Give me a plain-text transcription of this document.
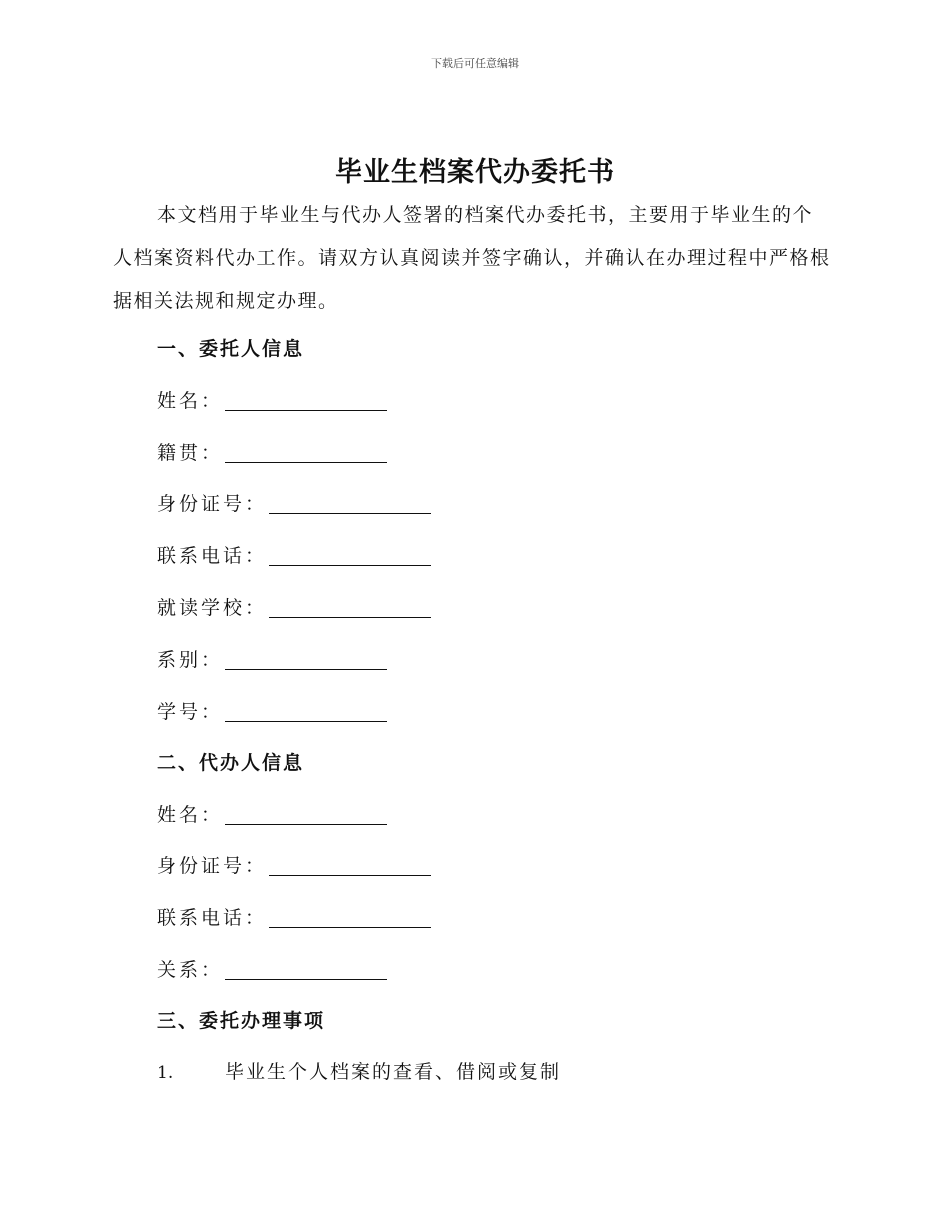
下载后可任意编辑
毕业生档案代办委托书
本文档用于毕业生与代办人签署的档案代办委托书，主要用于毕业生的个人档案资料代办工作。请双方认真阅读并签字确认，并确认在办理过程中严格根据相关法规和规定办理。
一、委托人信息
姓名：
籍贯：
身份证号：
联系电话：
就读学校：
系别：
学号：
二、代办人信息
姓名：
身份证号：
联系电话：
关系：
三、委托办理事项
1.	毕业生个人档案的查看、借阅或复制
